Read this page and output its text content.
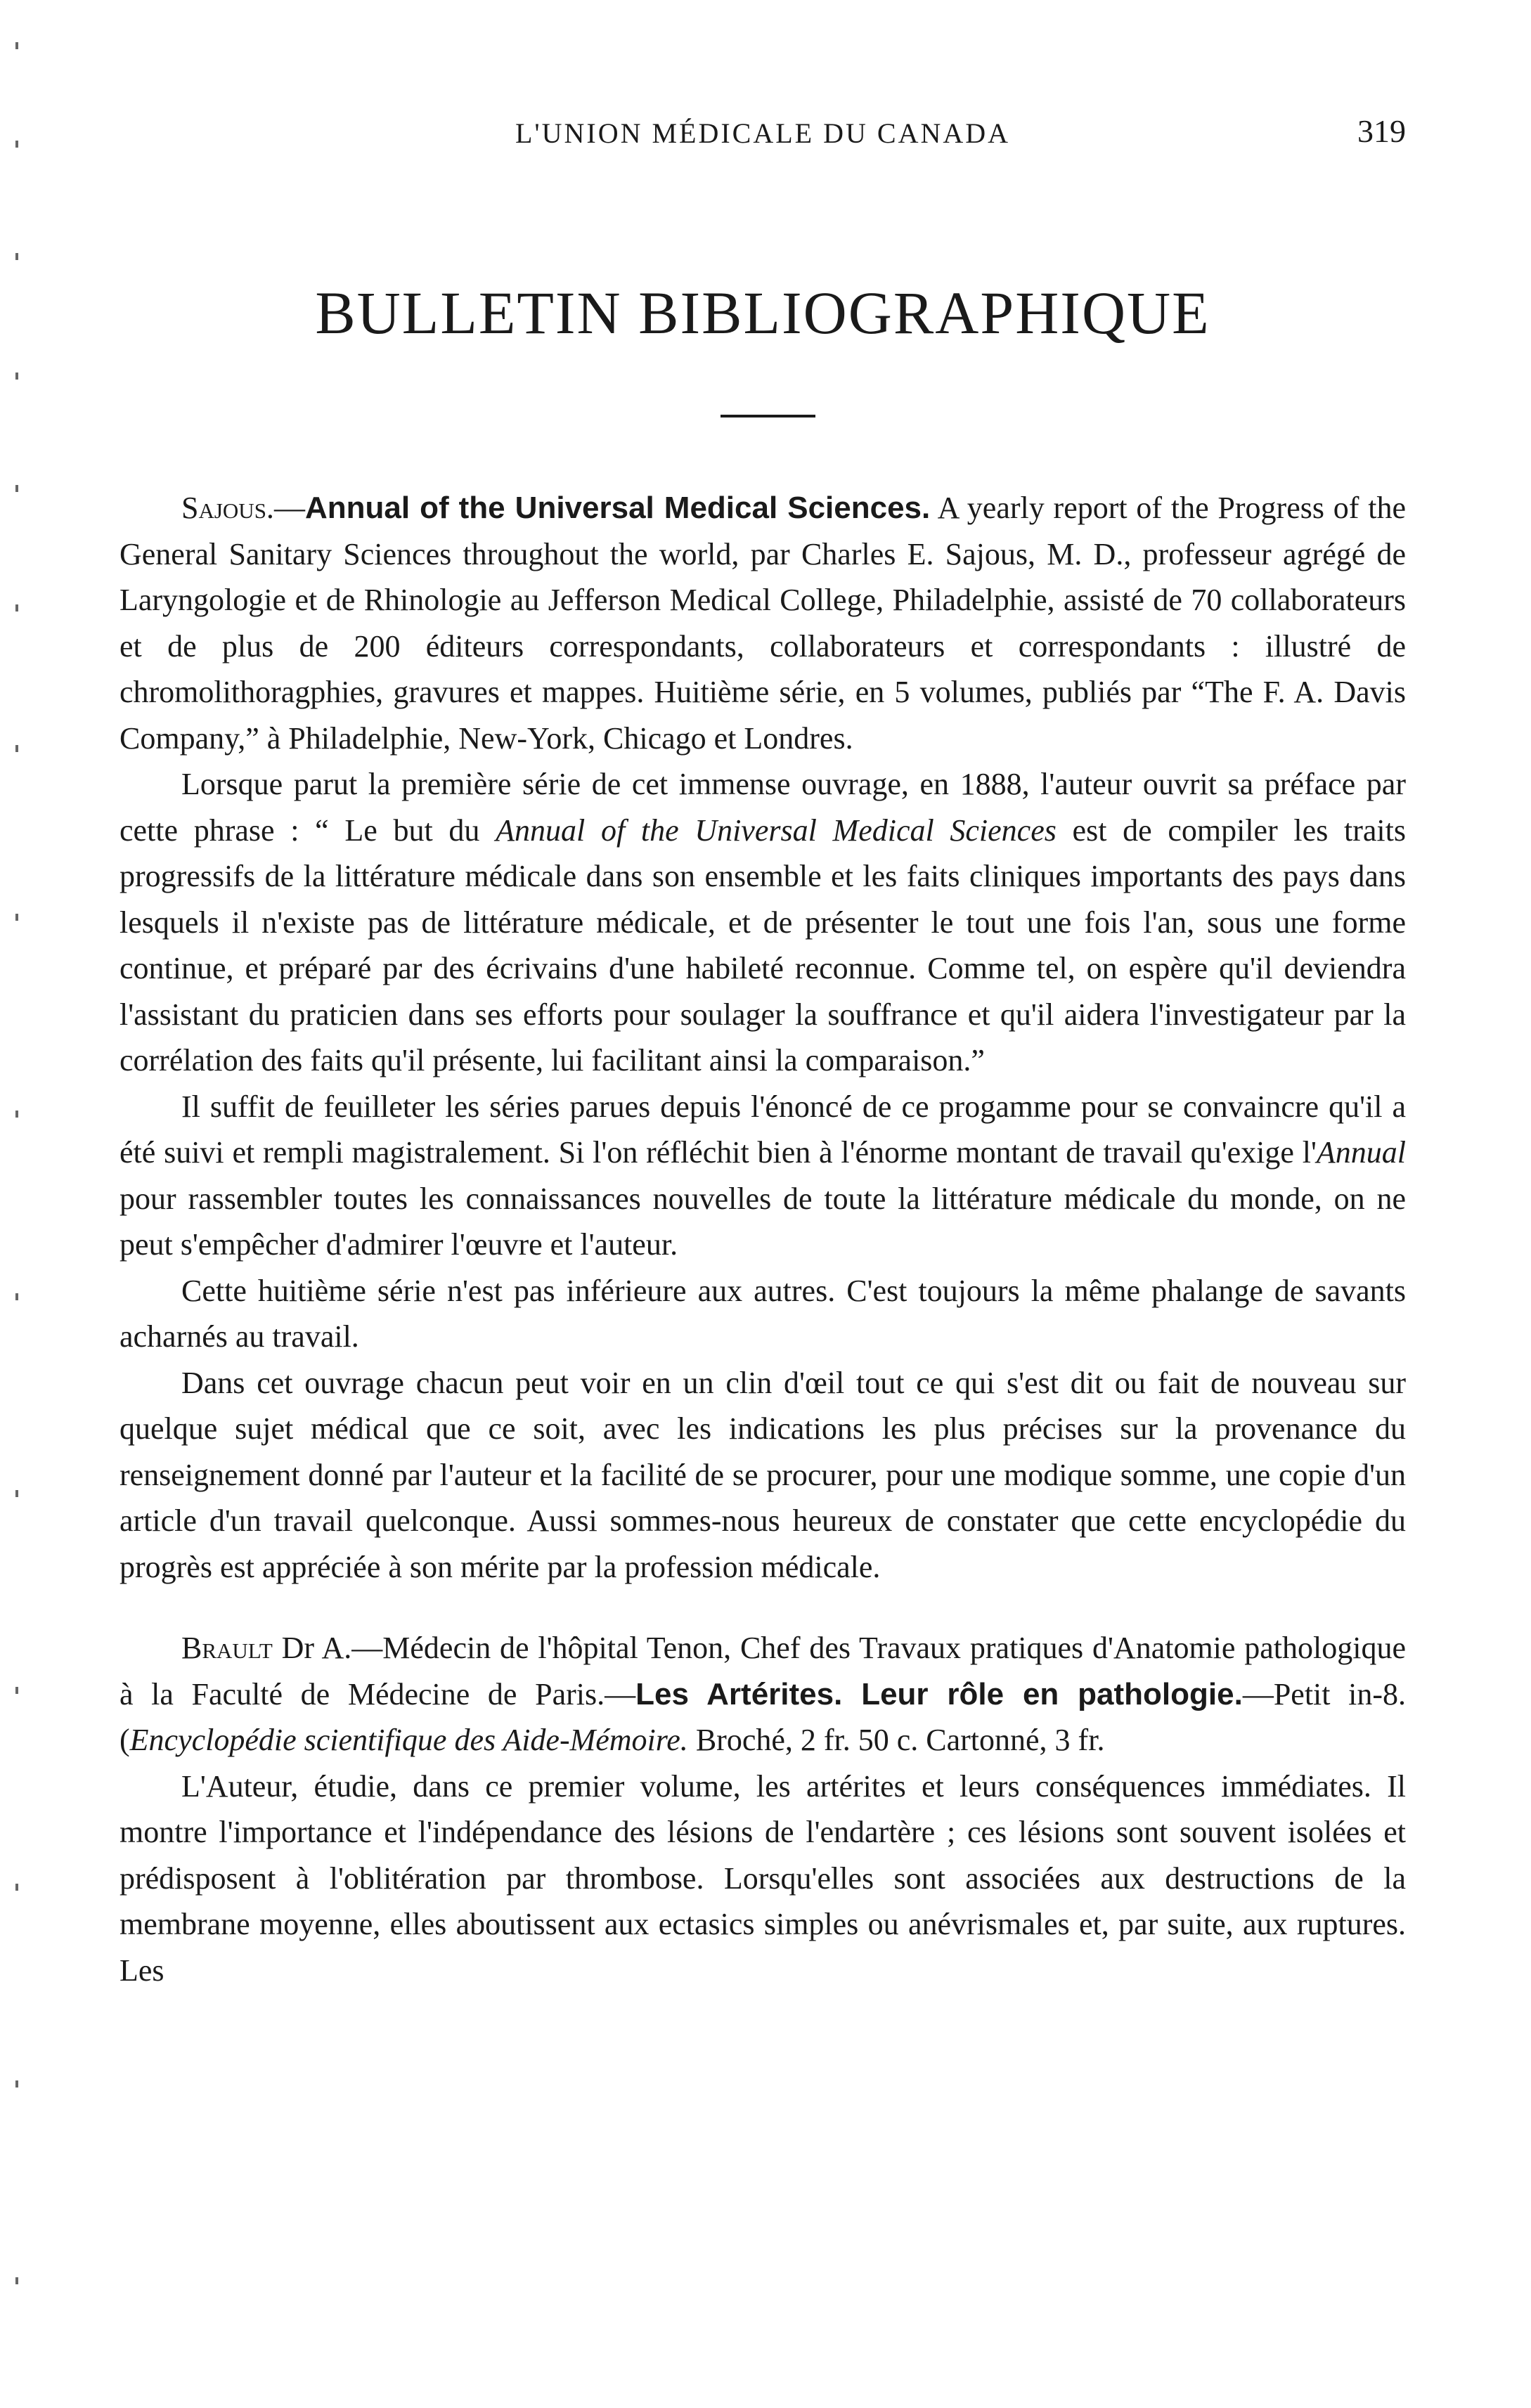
L'UNION MÉDICALE DU CANADA	319
BULLETIN BIBLIOGRAPHIQUE

Sajous.—Annual of the Universal Medical Sciences. A yearly report of the Progress of the General Sanitary Sciences throughout the world, par Charles E. Sajous, M. D., professeur agrégé de Laryngologie et de Rhinologie au Jefferson Medical College, Philadelphie, assisté de 70 collaborateurs et de plus de 200 éditeurs correspondants, collaborateurs et correspondants : illustré de chromolithoragphies, gravures et mappes. Huitième série, en 5 volumes, publiés par “The F. A. Davis Company,” à Philadelphie, New-York, Chicago et Londres.

Lorsque parut la première série de cet immense ouvrage, en 1888, l'auteur ouvrit sa préface par cette phrase : “ Le but du Annual of the Universal Medical Sciences est de compiler les traits progressifs de la littérature médicale dans son ensemble et les faits cliniques importants des pays dans lesquels il n'existe pas de littérature médicale, et de présenter le tout une fois l'an, sous une forme continue, et préparé par des écrivains d'une habileté reconnue. Comme tel, on espère qu'il deviendra l'assistant du praticien dans ses efforts pour soulager la souffrance et qu'il aidera l'investigateur par la corrélation des faits qu'il présente, lui facilitant ainsi la comparaison.”

Il suffit de feuilleter les séries parues depuis l'énoncé de ce progamme pour se convaincre qu'il a été suivi et rempli magistralement. Si l'on réfléchit bien à l'énorme montant de travail qu'exige l'Annual pour rassembler toutes les connaissances nouvelles de toute la littérature médicale du monde, on ne peut s'empêcher d'admirer l'œuvre et l'auteur.

Cette huitième série n'est pas inférieure aux autres. C'est toujours la même phalange de savants acharnés au travail.

Dans cet ouvrage chacun peut voir en un clin d'œil tout ce qui s'est dit ou fait de nouveau sur quelque sujet médical que ce soit, avec les indications les plus précises sur la provenance du renseignement donné par l'auteur et la facilité de se procurer, pour une modique somme, une copie d'un article d'un travail quelconque. Aussi sommes-nous heureux de constater que cette encyclopédie du progrès est appréciée à son mérite par la profession médicale.

Brault Dr A.—Médecin de l'hôpital Tenon, Chef des Travaux pratiques d'Anatomie pathologique à la Faculté de Médecine de Paris.—Les Artérites. Leur rôle en pathologie.—Petit in-8. (Encyclopédie scientifique des Aide-Mémoire. Broché, 2 fr. 50 c. Cartonné, 3 fr.

L'Auteur, étudie, dans ce premier volume, les artérites et leurs conséquences immédiates. Il montre l'importance et l'indépendance des lésions de l'endartère ; ces lésions sont souvent isolées et prédisposent à l'oblitération par thrombose. Lorsqu'elles sont associées aux destructions de la membrane moyenne, elles aboutissent aux ectasics simples ou anévrismales et, par suite, aux ruptures. Les
